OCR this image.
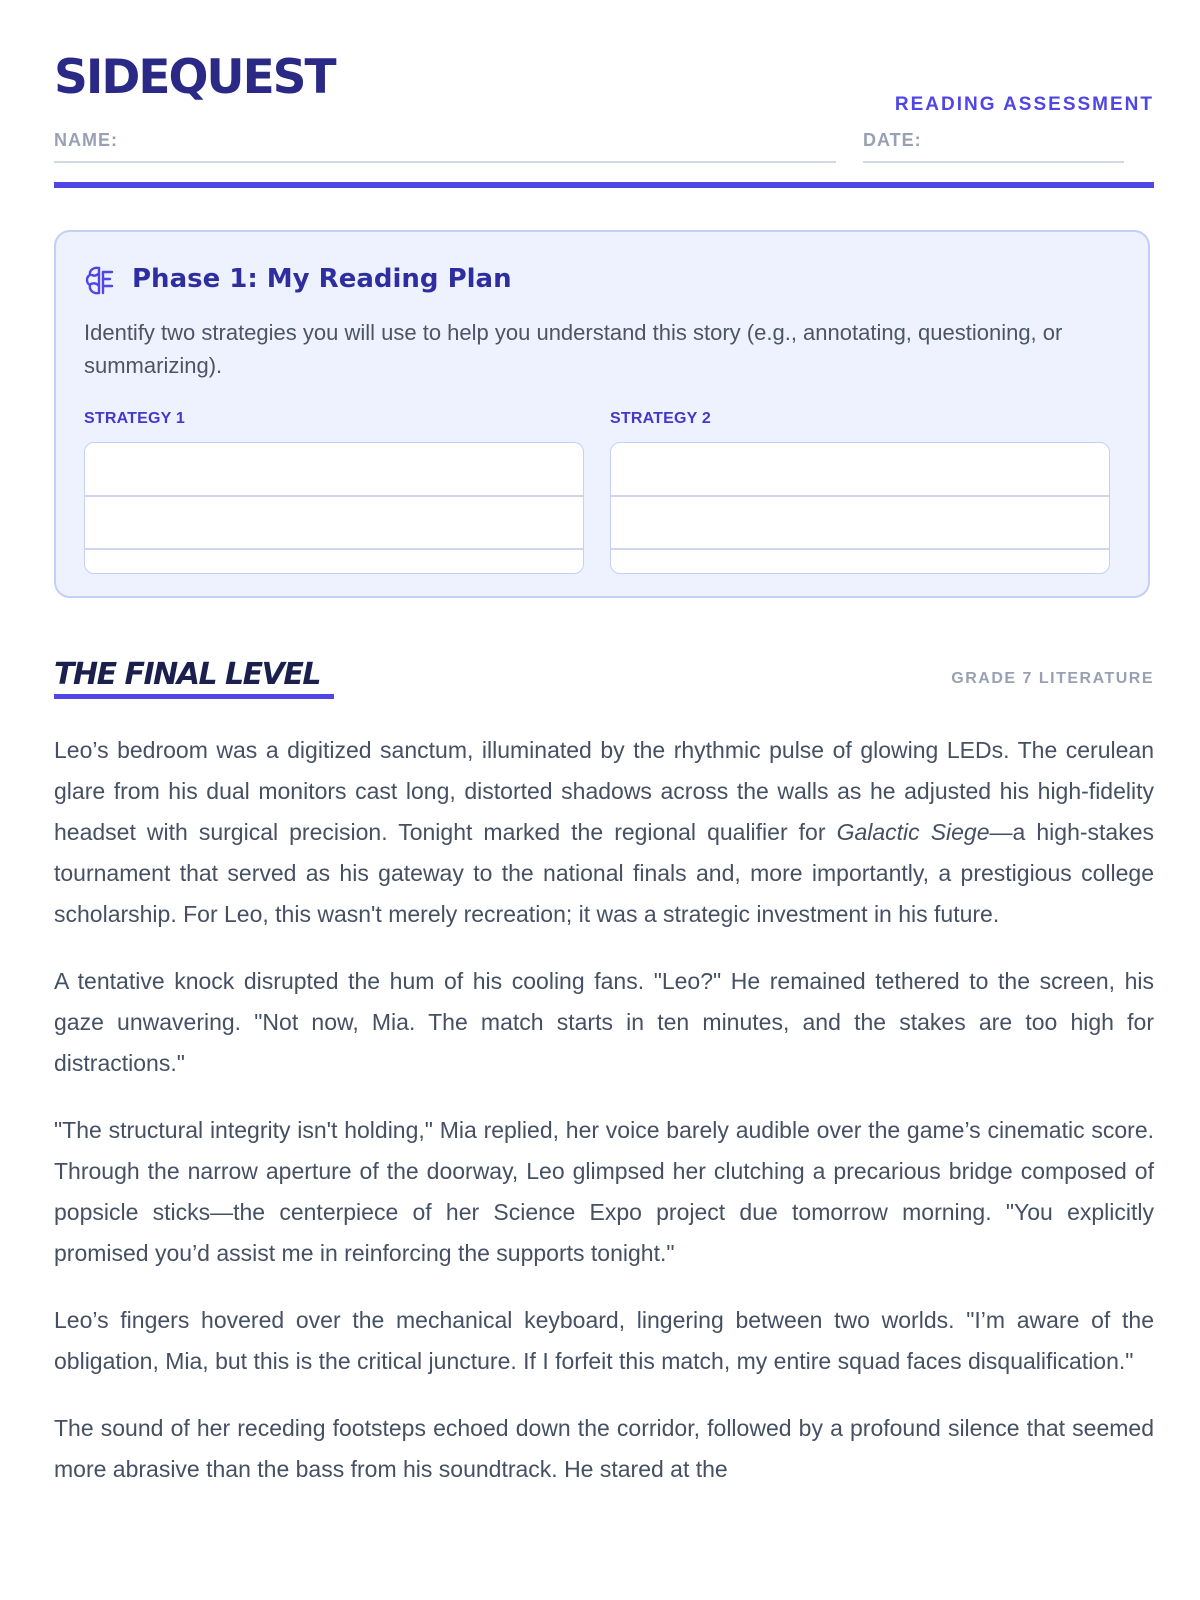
SIDEQUEST	READING ASSESSMENT
NAME:	DATE:
Phase 1: My Reading Plan
Identify two strategies you will use to help you understand this story (e.g., annotating, questioning, or summarizing).
STRATEGY 1	STRATEGY 2
THE FINAL LEVEL	GRADE 7 LITERATURE

Leo’s bedroom was a digitized sanctum, illuminated by the rhythmic pulse of glowing LEDs. The cerulean glare from his dual monitors cast long, distorted shadows across the walls as he adjusted his high-fidelity headset with surgical precision. Tonight marked the regional qualifier for Galactic Siege—a high-stakes tournament that served as his gateway to the national finals and, more importantly, a prestigious college scholarship. For Leo, this wasn't merely recreation; it was a strategic investment in his future.

A tentative knock disrupted the hum of his cooling fans. "Leo?" He remained tethered to the screen, his gaze unwavering. "Not now, Mia. The match starts in ten minutes, and the stakes are too high for distractions."

"The structural integrity isn't holding," Mia replied, her voice barely audible over the game’s cinematic score. Through the narrow aperture of the doorway, Leo glimpsed her clutching a precarious bridge composed of popsicle sticks—the centerpiece of her Science Expo project due tomorrow morning. "You explicitly promised you’d assist me in reinforcing the supports tonight."

Leo’s fingers hovered over the mechanical keyboard, lingering between two worlds. "I’m aware of the obligation, Mia, but this is the critical juncture. If I forfeit this match, my entire squad faces disqualification."

The sound of her receding footsteps echoed down the corridor, followed by a profound silence that seemed more abrasive than the bass from his soundtrack. He stared at the
